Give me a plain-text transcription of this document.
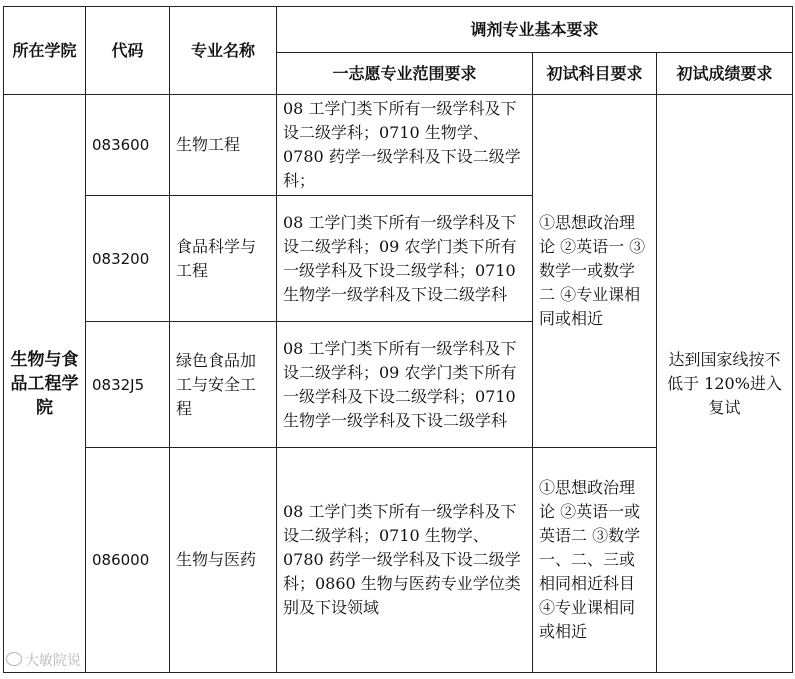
所在学院	代码	专业名称	调剂专业基本要求		
			一志愿专业范围要求	初试科目要求	初试成绩要求
生物与食品工程学院	083600	生物工程	08 工学门类下所有一级学科及下设二级学科；0710 生物学、0780 药学一级学科及下设二级学科；	①思想政治理论 ②英语一 ③数学一或数学二 ④专业课相同或相近	达到国家线按不低于 120%进入复试
	083200	食品科学与工程	08 工学门类下所有一级学科及下设二级学科；09 农学门类下所有一级学科及下设二级学科；0710 生物学一级学科及下设二级学科		
	0832J5	绿色食品加工与安全工程	08 工学门类下所有一级学科及下设二级学科；09 农学门类下所有一级学科及下设二级学科；0710 生物学一级学科及下设二级学科		
	086000	生物与医药	08 工学门类下所有一级学科及下设二级学科；0710 生物学、0780 药学一级学科及下设二级学科；0860 生物与医药专业学位类别及下设领域	①思想政治理论 ②英语一或英语二 ③数学一、二、三或相同相近科目 ④专业课相同或相近	
大敏院说
